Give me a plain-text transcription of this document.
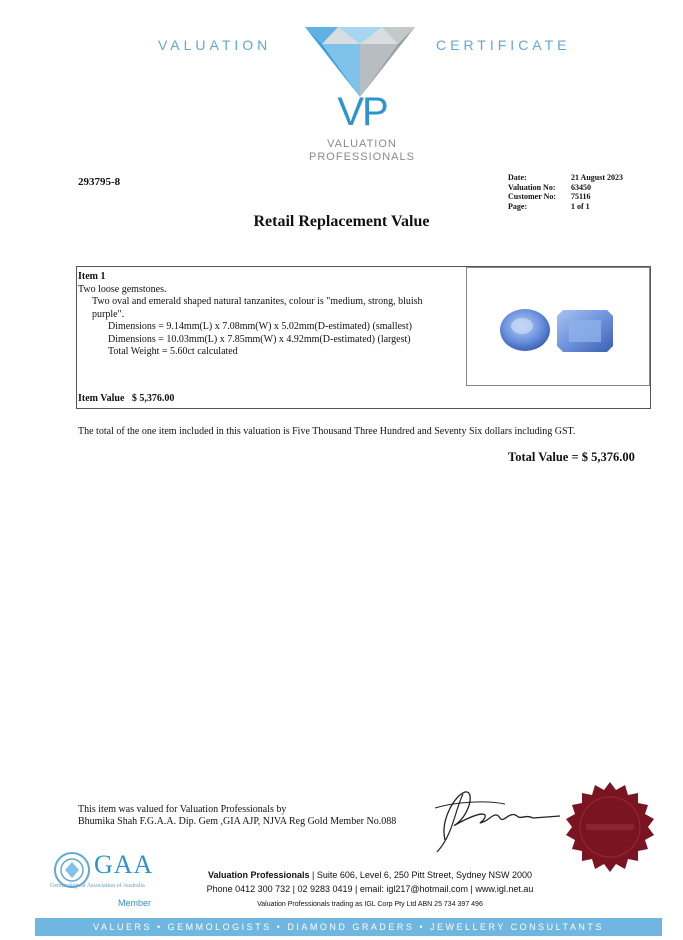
VALUATION	CERTIFICATE
VP
VALUATION
PROFESSIONALS
293795-8	Date:	21 August 2023
Valuation No:	63450
Customer No:	75116
Page:	1 of 1
Retail Replacement Value
Item 1
Two loose gemstones.
Two oval and emerald shaped natural tanzanites, colour is "medium, strong, bluish
purple".
Dimensions = 9.14mm(L) x 7.08mm(W) x 5.02mm(D-estimated) (smallest)
Dimensions = 10.03mm(L) x 7.85mm(W) x 4.92mm(D-estimated) (largest)
Total Weight = 5.60ct calculated
Item Value $ 5,376.00
The total of the one item included in this valuation is Five Thousand Three Hundred and Seventy Six dollars including GST.
Total Value = $ 5,376.00
This item was valued for Valuation Professionals by
Bhumika Shah F.G.A.A. Dip. Gem ,GIA AJP, NJVA Reg Gold Member No.088
GAA
Gemmological Association of Australia
Member
Valuation Professionals | Suite 606, Level 6, 250 Pitt Street, Sydney NSW 2000
Phone 0412 300 732 | 02 9283 0419 | email: igl217@hotmail.com | www.igl.net.au
Valuation Professionals trading as IGL Corp Pty Ltd ABN 25 734 397 496
VALUERS • GEMMOLOGISTS • DIAMOND GRADERS • JEWELLERY CONSULTANTS
